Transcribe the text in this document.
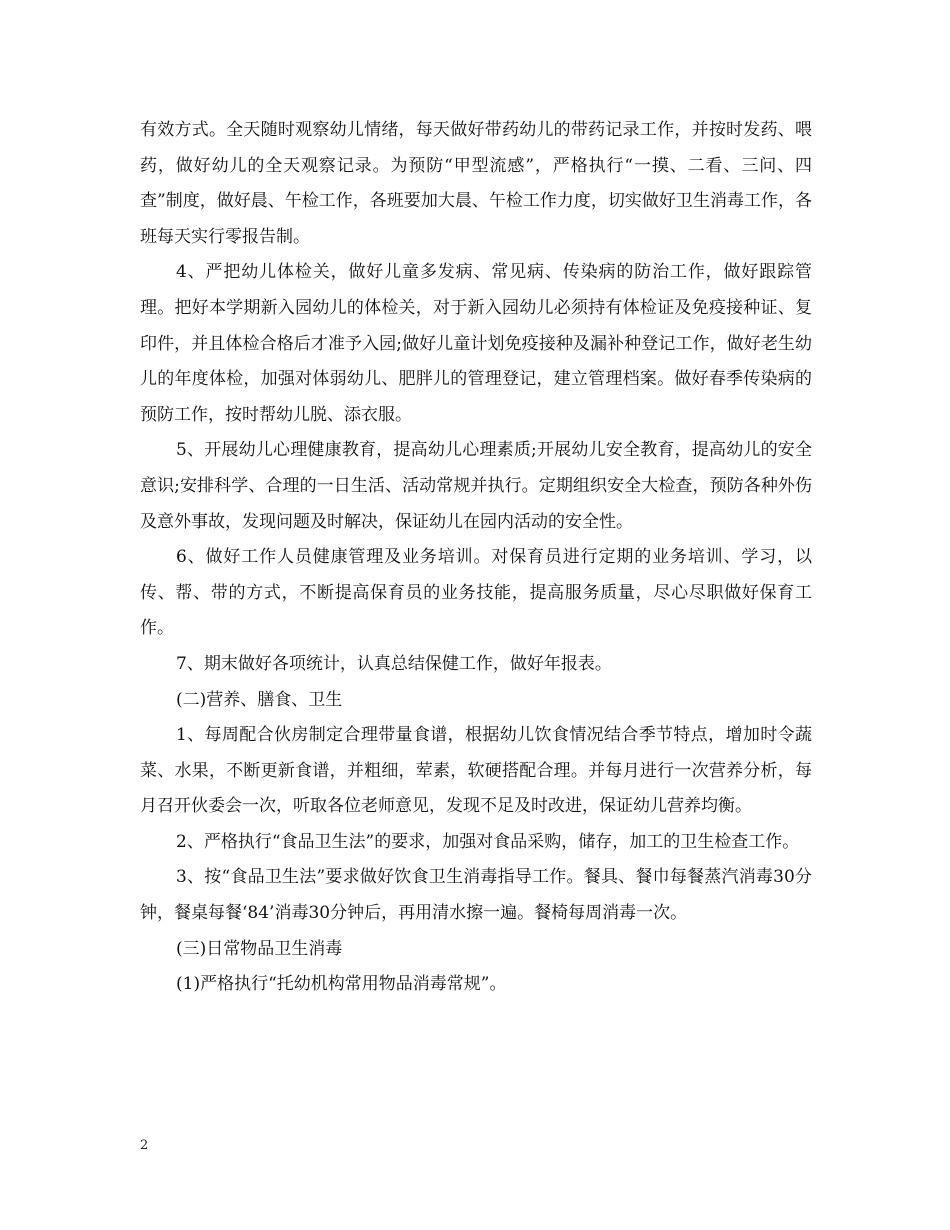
有效方式。全天随时观察幼儿情绪，每天做好带药幼儿的带药记录工作，并按时发药、喂药，做好幼儿的全天观察记录。为预防“甲型流感”，严格执行“一摸、二看、三问、四查”制度，做好晨、午检工作，各班要加大晨、午检工作力度，切实做好卫生消毒工作，各班每天实行零报告制。

4、严把幼儿体检关，做好儿童多发病、常见病、传染病的防治工作，做好跟踪管理。把好本学期新入园幼儿的体检关，对于新入园幼儿必须持有体检证及免疫接种证、复印件，并且体检合格后才准予入园;做好儿童计划免疫接种及漏补种登记工作，做好老生幼儿的年度体检，加强对体弱幼儿、肥胖儿的管理登记，建立管理档案。做好春季传染病的预防工作，按时帮幼儿脱、添衣服。

5、开展幼儿心理健康教育，提高幼儿心理素质;开展幼儿安全教育，提高幼儿的安全意识;安排科学、合理的一日生活、活动常规并执行。定期组织安全大检查，预防各种外伤及意外事故，发现问题及时解决，保证幼儿在园内活动的安全性。

6、做好工作人员健康管理及业务培训。对保育员进行定期的业务培训、学习，以传、帮、带的方式，不断提高保育员的业务技能，提高服务质量，尽心尽职做好保育工作。

7、期末做好各项统计，认真总结保健工作，做好年报表。

(二)营养、膳食、卫生

1、每周配合伙房制定合理带量食谱，根据幼儿饮食情况结合季节特点，增加时令蔬菜、水果，不断更新食谱，并粗细，荤素，软硬搭配合理。并每月进行一次营养分析，每月召开伙委会一次，听取各位老师意见，发现不足及时改进，保证幼儿营养均衡。

2、严格执行“食品卫生法”的要求，加强对食品采购，储存，加工的卫生检查工作。

3、按“食品卫生法”要求做好饮食卫生消毒指导工作。餐具、餐巾每餐蒸汽消毒30分钟，餐桌每餐‘84’消毒30分钟后，再用清水擦一遍。餐椅每周消毒一次。

(三)日常物品卫生消毒

(1)严格执行“托幼机构常用物品消毒常规”。

2
